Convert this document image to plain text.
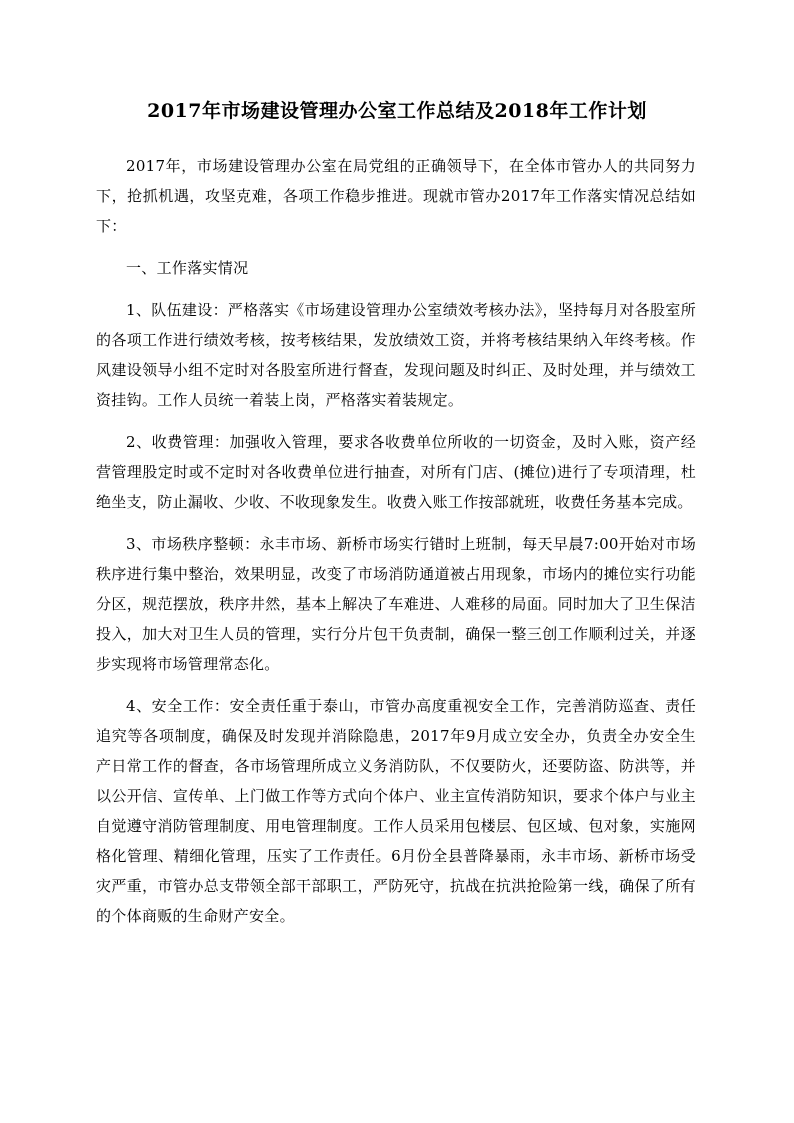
2017年市场建设管理办公室工作总结及2018年工作计划

2017年，市场建设管理办公室在局党组的正确领导下，在全体市管办人的共同努力下，抢抓机遇，攻坚克难，各项工作稳步推进。现就市管办2017年工作落实情况总结如下：

一、工作落实情况

1、队伍建设：严格落实《市场建设管理办公室绩效考核办法》，坚持每月对各股室所的各项工作进行绩效考核，按考核结果，发放绩效工资，并将考核结果纳入年终考核。作风建设领导小组不定时对各股室所进行督查，发现问题及时纠正、及时处理，并与绩效工资挂钩。工作人员统一着装上岗，严格落实着装规定。

2、收费管理：加强收入管理，要求各收费单位所收的一切资金，及时入账，资产经营管理股定时或不定时对各收费单位进行抽查，对所有门店、(摊位)进行了专项清理，杜绝坐支，防止漏收、少收、不收现象发生。收费入账工作按部就班，收费任务基本完成。

3、市场秩序整顿：永丰市场、新桥市场实行错时上班制，每天早晨7:00开始对市场秩序进行集中整治，效果明显，改变了市场消防通道被占用现象，市场内的摊位实行功能分区，规范摆放，秩序井然，基本上解决了车难进、人难移的局面。同时加大了卫生保洁投入，加大对卫生人员的管理，实行分片包干负责制，确保一整三创工作顺利过关，并逐步实现将市场管理常态化。

4、安全工作：安全责任重于泰山，市管办高度重视安全工作，完善消防巡查、责任追究等各项制度，确保及时发现并消除隐患，2017年9月成立安全办，负责全办安全生产日常工作的督查，各市场管理所成立义务消防队，不仅要防火，还要防盗、防洪等，并以公开信、宣传单、上门做工作等方式向个体户、业主宣传消防知识，要求个体户与业主自觉遵守消防管理制度、用电管理制度。工作人员采用包楼层、包区域、包对象，实施网格化管理、精细化管理，压实了工作责任。6月份全县普降暴雨，永丰市场、新桥市场受灾严重，市管办总支带领全部干部职工，严防死守，抗战在抗洪抢险第一线，确保了所有的个体商贩的生命财产安全。
